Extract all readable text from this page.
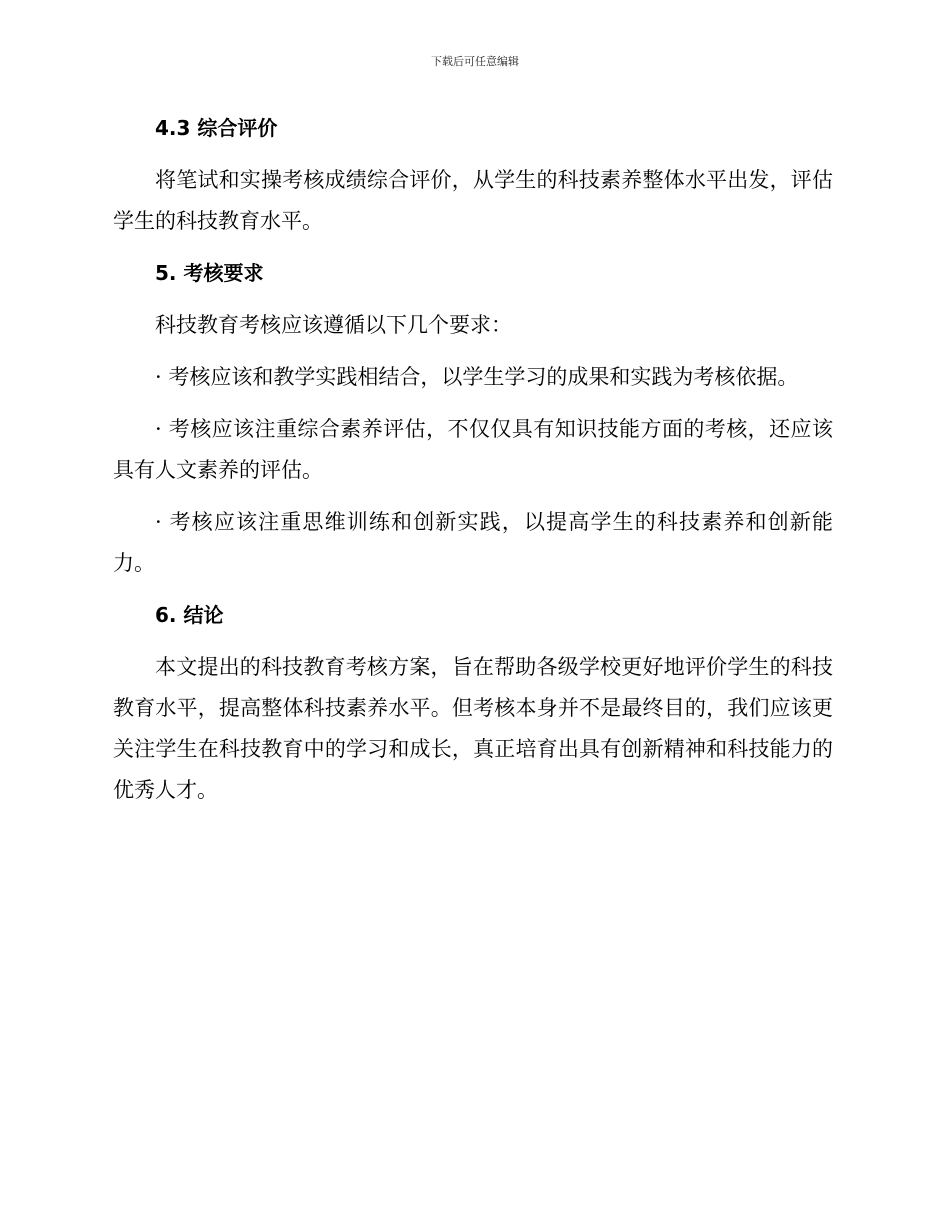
下载后可任意编辑
4.3 综合评价

将笔试和实操考核成绩综合评价，从学生的科技素养整体水平出发，评估学生的科技教育水平。

5. 考核要求

科技教育考核应该遵循以下几个要求：

· 考核应该和教学实践相结合，以学生学习的成果和实践为考核依据。

· 考核应该注重综合素养评估，不仅仅具有知识技能方面的考核，还应该具有人文素养的评估。

· 考核应该注重思维训练和创新实践，以提高学生的科技素养和创新能力。

6. 结论

本文提出的科技教育考核方案，旨在帮助各级学校更好地评价学生的科技教育水平，提高整体科技素养水平。但考核本身并不是最终目的，我们应该更关注学生在科技教育中的学习和成长，真正培育出具有创新精神和科技能力的优秀人才。
